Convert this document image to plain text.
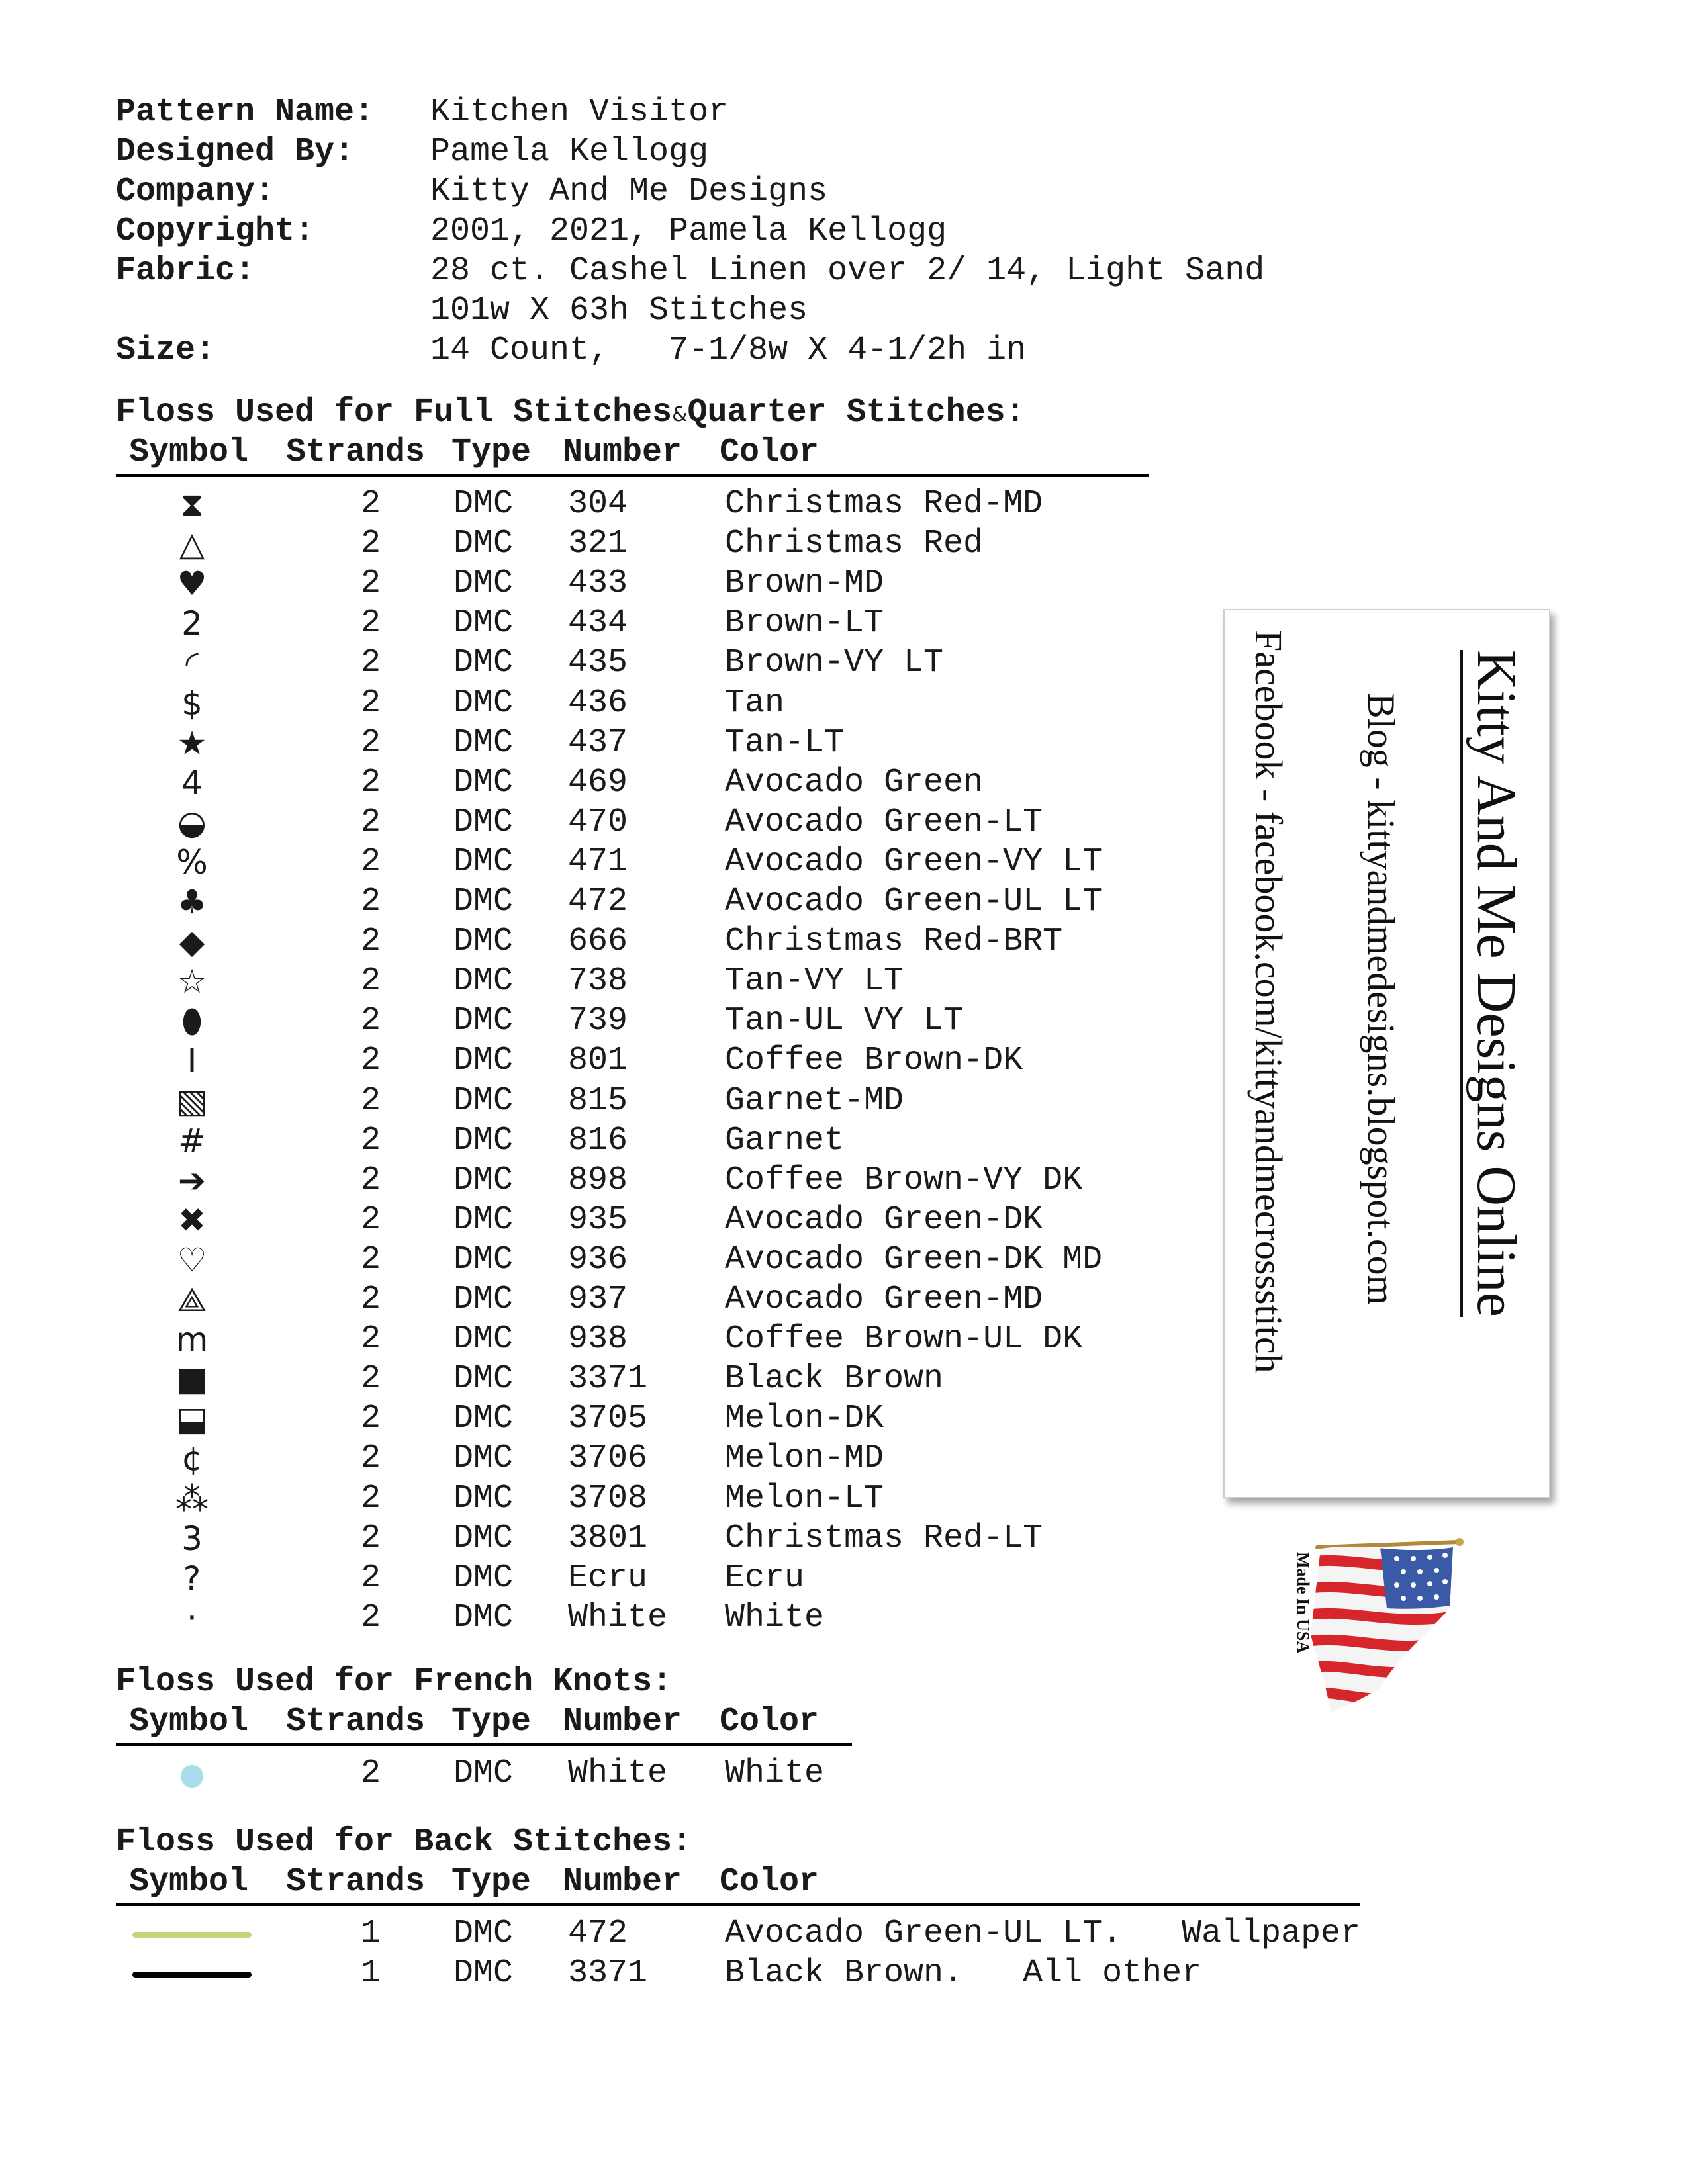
Pattern Name: Kitchen Visitor
Designed By: Pamela Kellogg
Company:	Kitty And Me Designs
Copyright:	2001, 2021, Pamela Kellogg
Fabric:	28 ct. Cashel Linen over 2/ 14, Light Sand
101w X 63h Stitches
Size:	14 Count,   7-1/8w X 4-1/2h in
Floss Used for Full Stitches&Quarter Stitches:
Symbol Strands Type Number Color
⧗	2 DMC 304	Christmas Red-MD
△	2 DMC 321	Christmas Red
♥	2 DMC 433	Brown-MD
2	2 DMC 434	Brown-LT
◜	2 DMC 435	Brown-VY LT
$	2 DMC 436	Tan
★	2 DMC 437	Tan-LT
4	2 DMC 469	Avocado Green
◒	2 DMC 470	Avocado Green-LT
%	2 DMC 471	Avocado Green-VY LT
♣	2 DMC 472	Avocado Green-UL LT
◆	2 DMC 666	Christmas Red-BRT
☆	2 DMC 738	Tan-VY LT
⬮	2 DMC 739	Tan-UL VY LT
I	2 DMC 801	Coffee Brown-DK
▧	2 DMC 815	Garnet-MD
#	2 DMC 816	Garnet
➔	2 DMC 898	Coffee Brown-VY DK
✖	2 DMC 935	Avocado Green-DK
♡	2 DMC 936	Avocado Green-DK MD
⟁	2 DMC 937	Avocado Green-MD
m	2 DMC 938	Coffee Brown-UL DK
■	2 DMC 3371 Black Brown
⬓	2 DMC 3705 Melon-DK
¢	2 DMC 3706 Melon-MD
⁂	2 DMC 3708 Melon-LT
3	2 DMC 3801 Christmas Red-LT
?	2 DMC Ecru Ecru
·	2 DMC White White
Floss Used for French Knots:
Symbol Strands Type Number Color
2 DMC White White
Floss Used for Back Stitches:
Symbol Strands Type Number Color
1 DMC 472	Avocado Green-UL LT.   Wallpaper
1 DMC 3371 Black Brown.   All other
Kitty And Me Designs Online
Blog - kittyandmedesigns.blogspot.com
Facebook - facebook.com/kittyandmecrossstitch
Made In USA
